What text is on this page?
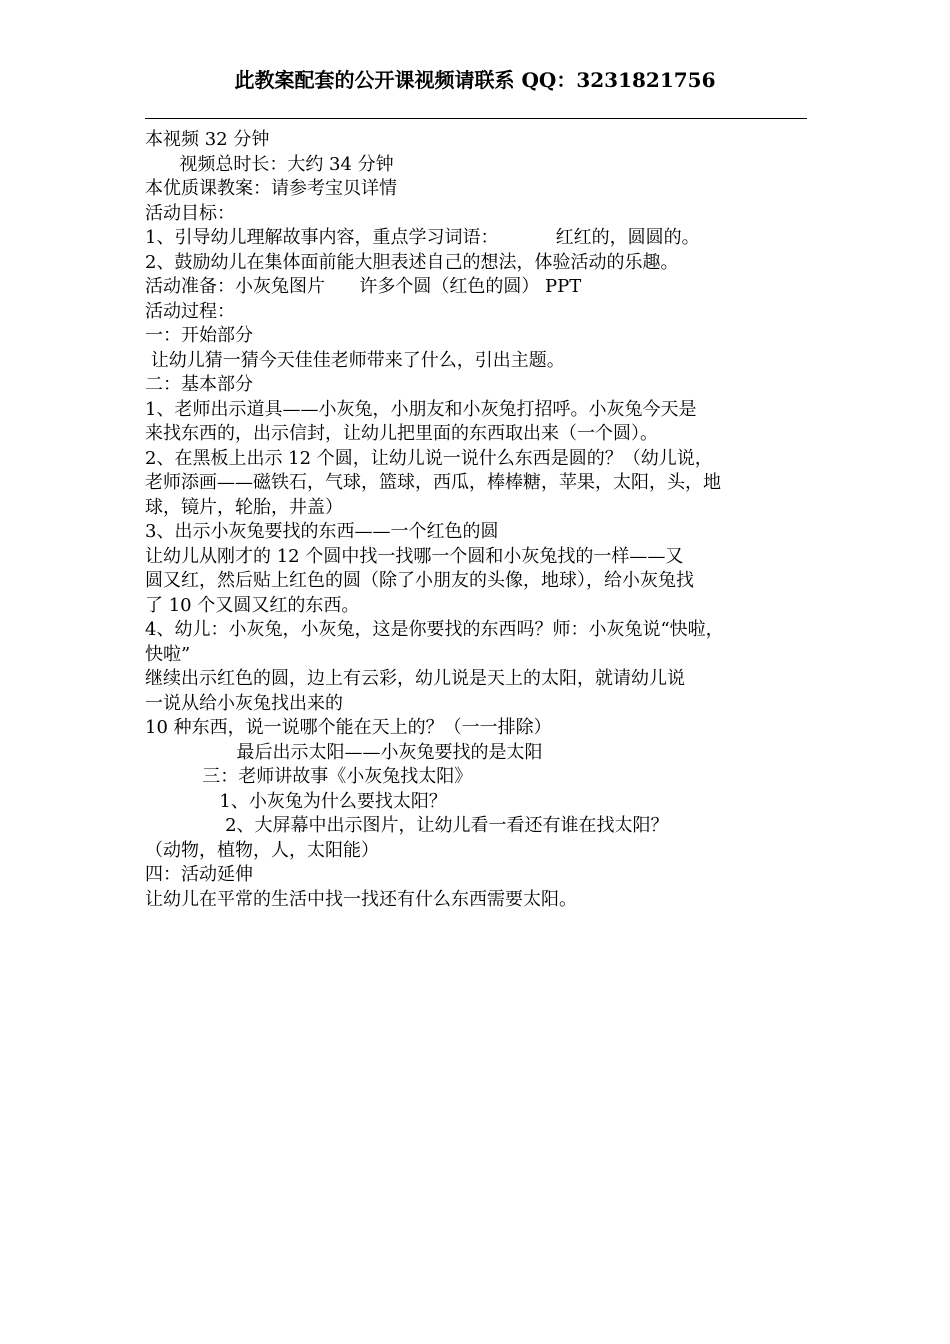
此教案配套的公开课视频请联系 QQ：3231821756
本视频 32 分钟
视频总时长：大约 34 分钟
本优质课教案：请参考宝贝详情
活动目标：
1、引导幼儿理解故事内容，重点学习词语：          红红的，圆圆的。
2、鼓励幼儿在集体面前能大胆表述自己的想法，体验活动的乐趣。
活动准备：小灰兔图片      许多个圆（红色的圆） PPT
活动过程：
一：开始部分
让幼儿猜一猜今天佳佳老师带来了什么，引出主题。
二：基本部分
1、老师出示道具——小灰兔，小朋友和小灰兔打招呼。小灰兔今天是
来找东西的，出示信封，让幼儿把里面的东西取出来（一个圆）。
2、在黑板上出示 12 个圆，让幼儿说一说什么东西是圆的？（幼儿说，
老师添画——磁铁石，气球，篮球，西瓜，棒棒糖，苹果，太阳，头，地
球，镜片，轮胎，井盖）
3、出示小灰兔要找的东西——一个红色的圆
让幼儿从刚才的 12 个圆中找一找哪一个圆和小灰兔找的一样——又
圆又红，然后贴上红色的圆（除了小朋友的头像，地球），给小灰兔找
了 10 个又圆又红的东西。
4、幼儿：小灰兔，小灰兔，这是你要找的东西吗？师：小灰兔说“快啦，
快啦”
继续出示红色的圆，边上有云彩，幼儿说是天上的太阳，就请幼儿说
一说从给小灰兔找出来的
10 种东西，说一说哪个能在天上的？（一一排除）
最后出示太阳——小灰兔要找的是太阳
三：老师讲故事《小灰兔找太阳》
1、小灰兔为什么要找太阳？
2、大屏幕中出示图片，让幼儿看一看还有谁在找太阳？
（动物，植物，人，太阳能）
四：活动延伸
让幼儿在平常的生活中找一找还有什么东西需要太阳。
